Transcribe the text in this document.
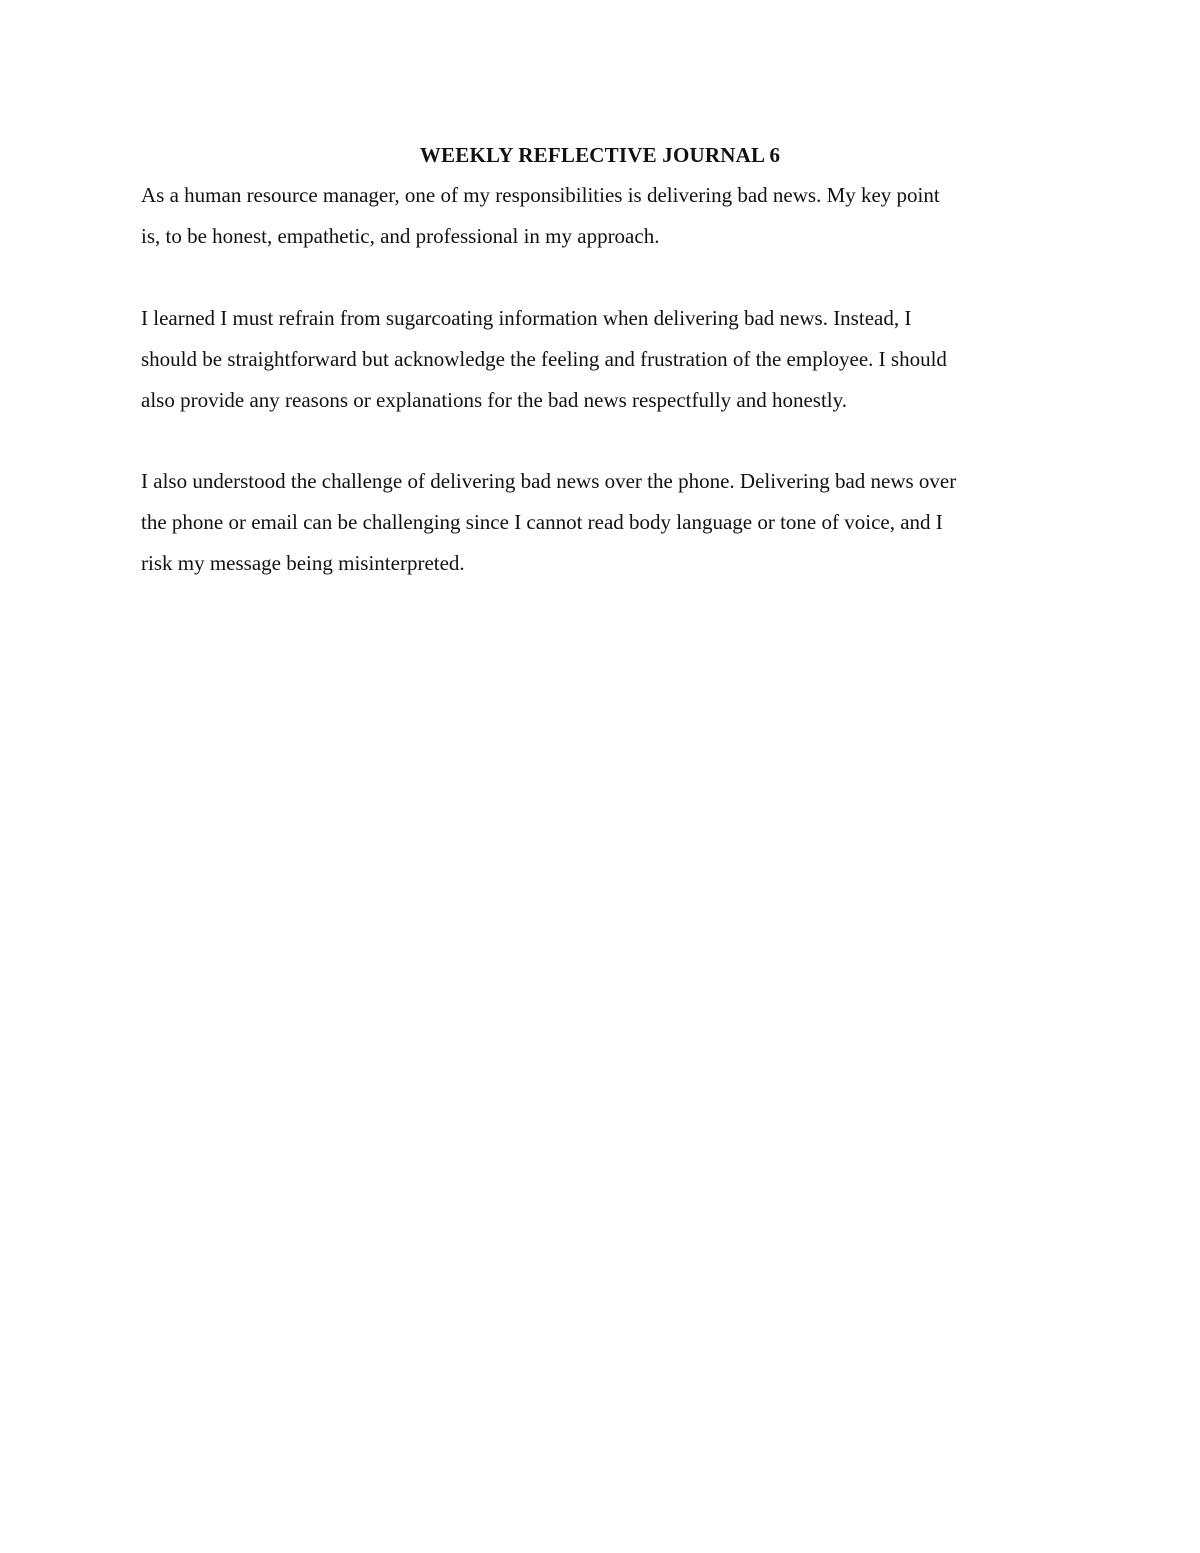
WEEKLY REFLECTIVE JOURNAL 6

As a human resource manager, one of my responsibilities is delivering bad news. My key point
is, to be honest, empathetic, and professional in my approach.

I learned I must refrain from sugarcoating information when delivering bad news. Instead, I
should be straightforward but acknowledge the feeling and frustration of the employee. I should
also provide any reasons or explanations for the bad news respectfully and honestly.

I also understood the challenge of delivering bad news over the phone. Delivering bad news over
the phone or email can be challenging since I cannot read body language or tone of voice, and I
risk my message being misinterpreted.
